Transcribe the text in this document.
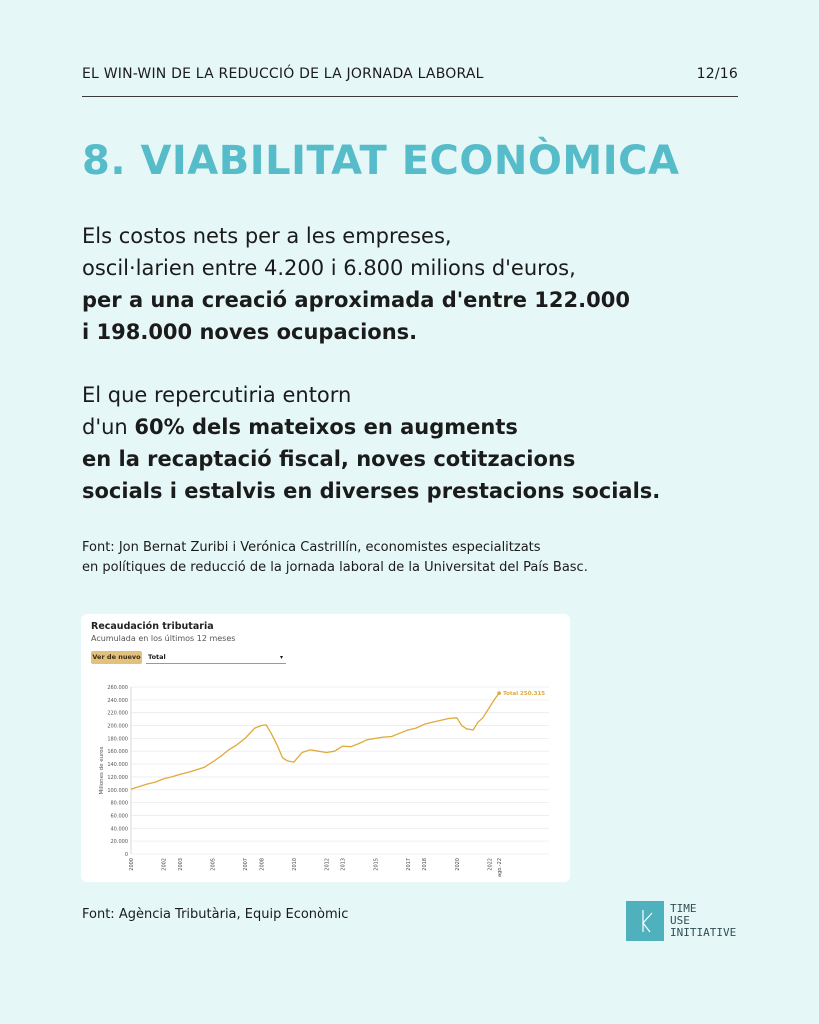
EL WIN-WIN DE LA REDUCCIÓ DE LA JORNADA LABORAL	12/16
8. VIABILITAT ECONÒMICA
Els costos nets per a les empreses,
oscil·larien entre 4.200 i 6.800 milions d'euros,
per a una creació aproximada d'entre 122.000
i 198.000 noves ocupacions.
El que repercutiria entorn
d'un 60% dels mateixos en augments
en la recaptació fiscal, noves cotitzacions
socials i estalvis en diverses prestacions socials.
Font: Jon Bernat Zuribi i Verónica Castrillín, economistes especialitzats
en polítiques de reducció de la jornada laboral de la Universitat del País Basc.
0
20.000
40.000
60.000
80.000
100.000
120.000
140.000
160.000
180.000
200.000
220.000
240.000
260.000
Millones de euros
2000	2002 2003	2005	2007 2008	2010	2012 2013	2015	2017 2018	2020	2022 ago.-22
Total 250.315
Recaudación tributaria
Acumulada en los últimos 12 meses
Ver de nuevo	Total	▾
Font: Agència Tributària, Equip Econòmic	TIME
USE
INITIATIVE
